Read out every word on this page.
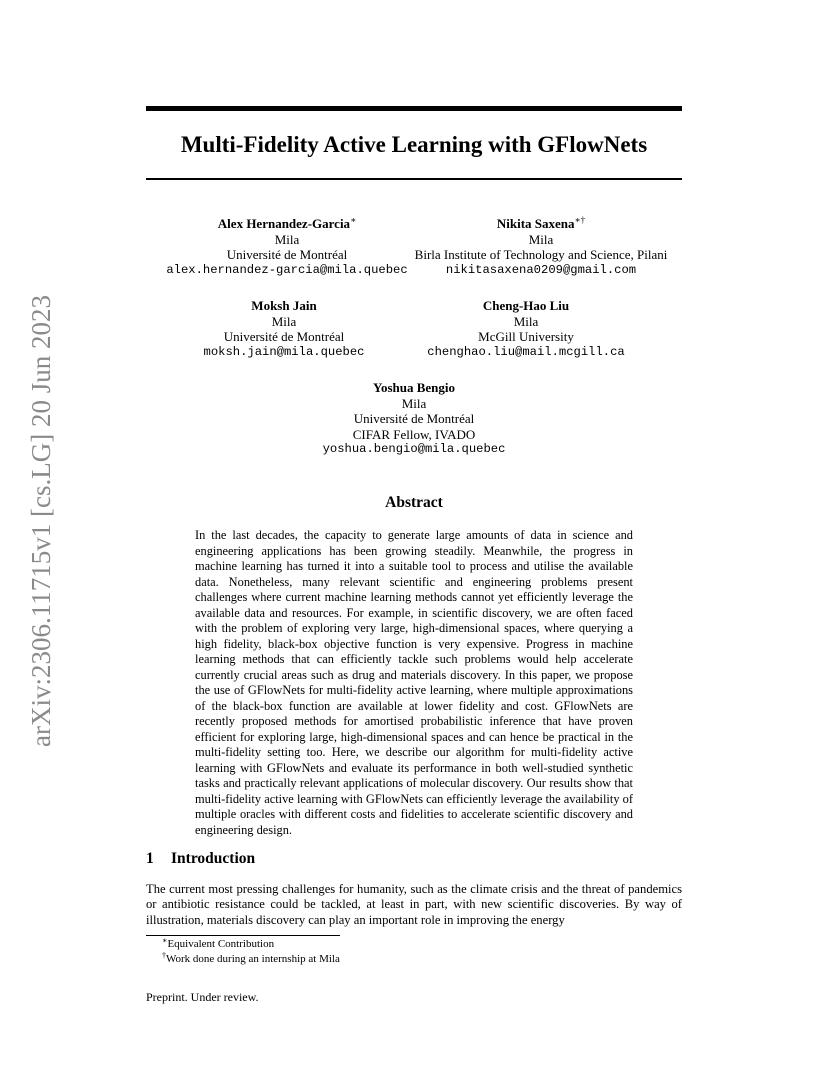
arXiv:2306.11715v1 [cs.LG] 20 Jun 2023
Multi-Fidelity Active Learning with GFlowNets
Alex Hernandez-Garcia∗
Mila
Université de Montréal
alex.hernandez-garcia@mila.quebec
Nikita Saxena∗†
Mila
Birla Institute of Technology and Science, Pilani
nikitasaxena0209@gmail.com
Moksh Jain
Mila
Université de Montréal
moksh.jain@mila.quebec
Cheng-Hao Liu
Mila
McGill University
chenghao.liu@mail.mcgill.ca
Yoshua Bengio
Mila
Université de Montréal
CIFAR Fellow, IVADO
yoshua.bengio@mila.quebec
Abstract
In the last decades, the capacity to generate large amounts of data in science and engineering applications has been growing steadily. Meanwhile, the progress in machine learning has turned it into a suitable tool to process and utilise the available data. Nonetheless, many relevant scientific and engineering problems present challenges where current machine learning methods cannot yet efficiently leverage the available data and resources. For example, in scientific discovery, we are often faced with the problem of exploring very large, high-dimensional spaces, where querying a high fidelity, black-box objective function is very expensive. Progress in machine learning methods that can efficiently tackle such problems would help accelerate currently crucial areas such as drug and materials discovery. In this paper, we propose the use of GFlowNets for multi-fidelity active learning, where multiple approximations of the black-box function are available at lower fidelity and cost. GFlowNets are recently proposed methods for amortised probabilistic inference that have proven efficient for exploring large, high-dimensional spaces and can hence be practical in the multi-fidelity setting too. Here, we describe our algorithm for multi-fidelity active learning with GFlowNets and evaluate its performance in both well-studied synthetic tasks and practically relevant applications of molecular discovery. Our results show that multi-fidelity active learning with GFlowNets can efficiently leverage the availability of multiple oracles with different costs and fidelities to accelerate scientific discovery and engineering design.
1 Introduction
The current most pressing challenges for humanity, such as the climate crisis and the threat of pandemics or antibiotic resistance could be tackled, at least in part, with new scientific discoveries. By way of illustration, materials discovery can play an important role in improving the energy
∗Equivalent Contribution
†Work done during an internship at Mila
Preprint. Under review.
